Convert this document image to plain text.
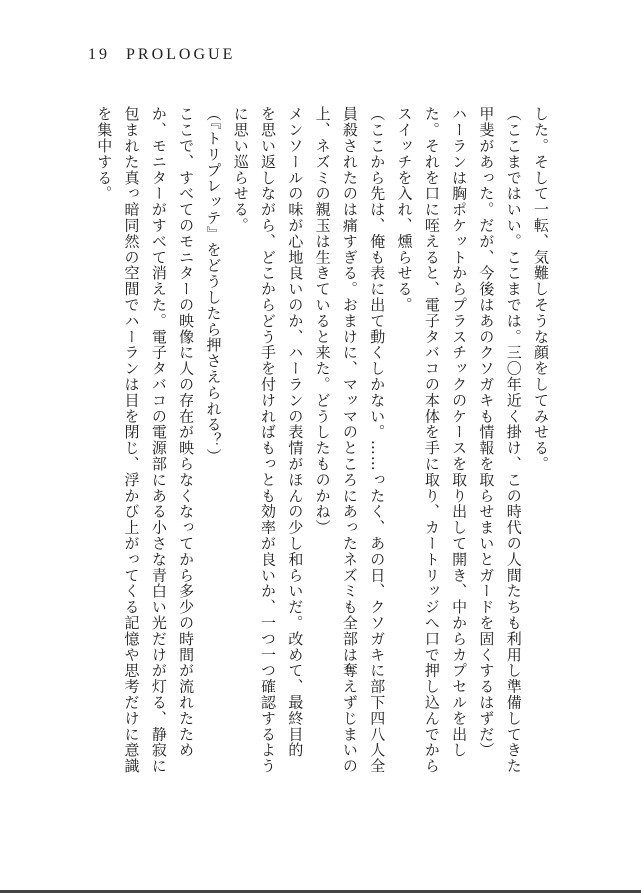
19 PROLOGUE
した。そして一転、気難しそうな顔をしてみせる。
（ここまではいい。ここまでは。三〇年近く掛け、この時代の人間たちも利用し準備してきた
甲斐があった。だが、今後はあのクソガキも情報を取らせまいとガードを固くするはずだ）
ハーランは胸ポケットからプラスチックのケースを取り出して開き、中からカプセルを出し
た。それを口に咥えると、電子タバコの本体を手に取り、カートリッジへ口で押し込んでから
スイッチを入れ、燻らせる。
（ここから先は、俺も表に出て動くしかない。……ったく、あの日、クソガキに部下四八人全
員殺されたのは痛すぎる。おまけに、マッマのところにあったネズミも全部は奪えずじまいの
上、ネズミの親玉は生きていると来た。どうしたものかね）
メンソールの味が心地良いのか、ハーランの表情がほんの少し和らいだ。改めて、最終目的
を思い返しながら、どこからどう手を付ければもっとも効率が良いか、一つ一つ確認するよう
に思い巡らせる。
（『トリプレッテ』をどうしたら押さえられる？）
ここで、すべてのモニターの映像に人の存在が映らなくなってから多少の時間が流れたため
か、モニターがすべて消えた。電子タバコの電源部にある小さな青白い光だけが灯る、静寂に
包まれた真っ暗同然の空間でハーランは目を閉じ、浮かび上がってくる記憶や思考だけに意識
を集中する。
